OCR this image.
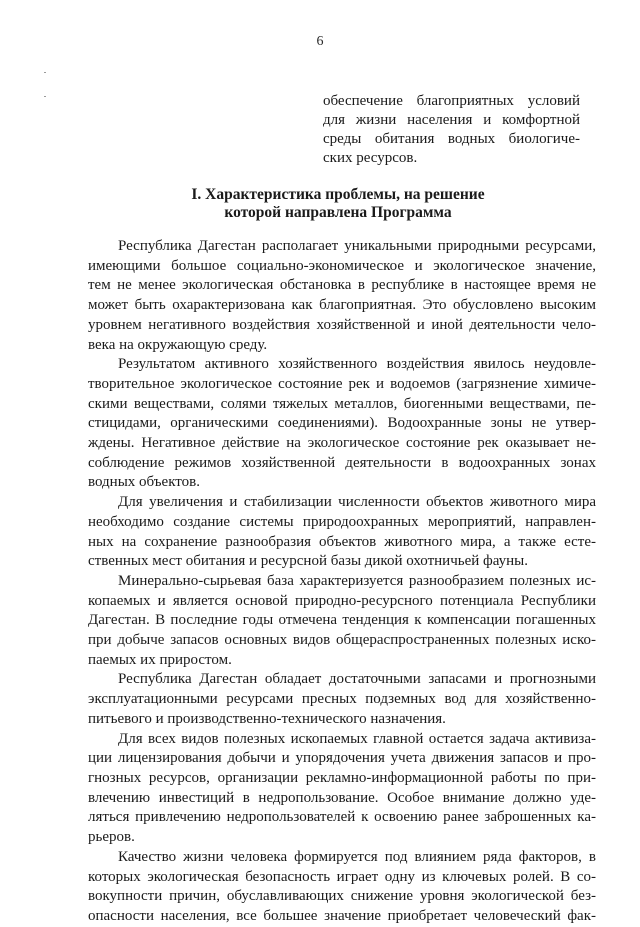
6
обеспечение благоприятных условий
для жизни населения и комфортной
среды обитания водных биологиче-
ских ресурсов.
I. Характеристика проблемы, на решение
которой направлена Программа
Республика Дагестан располагает уникальными природными ресурсами,
имеющими большое социально-экономическое и экологическое значение,
тем не менее экологическая обстановка в республике в настоящее время не
может быть охарактеризована как благоприятная. Это обусловлено высоким
уровнем негативного воздействия хозяйственной и иной деятельности чело-
века на окружающую среду.
Результатом активного хозяйственного воздействия явилось неудовле-
творительное экологическое состояние рек и водоемов (загрязнение химиче-
скими веществами, солями тяжелых металлов, биогенными веществами, пе-
стицидами, органическими соединениями). Водоохранные зоны не утвер-
ждены. Негативное действие на экологическое состояние рек оказывает не-
соблюдение режимов хозяйственной деятельности в водоохранных зонах
водных объектов.
Для увеличения и стабилизации численности объектов животного мира
необходимо создание системы природоохранных мероприятий, направлен-
ных на сохранение разнообразия объектов животного мира, а также есте-
ственных мест обитания и ресурсной базы дикой охотничьей фауны.
Минерально-сырьевая база характеризуется разнообразием полезных ис-
копаемых и является основой природно-ресурсного потенциала Республики
Дагестан. В последние годы отмечена тенденция к компенсации погашенных
при добыче запасов основных видов общераспространенных полезных иско-
паемых их приростом.
Республика Дагестан обладает достаточными запасами и прогнозными
эксплуатационными ресурсами пресных подземных вод для хозяйственно-
питьевого и производственно-технического назначения.
Для всех видов полезных ископаемых главной остается задача активиза-
ции лицензирования добычи и упорядочения учета движения запасов и про-
гнозных ресурсов, организации рекламно-информационной работы по при-
влечению инвестиций в недропользование. Особое внимание должно уде-
ляться привлечению недропользователей к освоению ранее заброшенных ка-
рьеров.
Качество жизни человека формируется под влиянием ряда факторов, в
которых экологическая безопасность играет одну из ключевых ролей. В со-
вокупности причин, обуславливающих снижение уровня экологической без-
опасности населения, все большее значение приобретает человеческий фак-
